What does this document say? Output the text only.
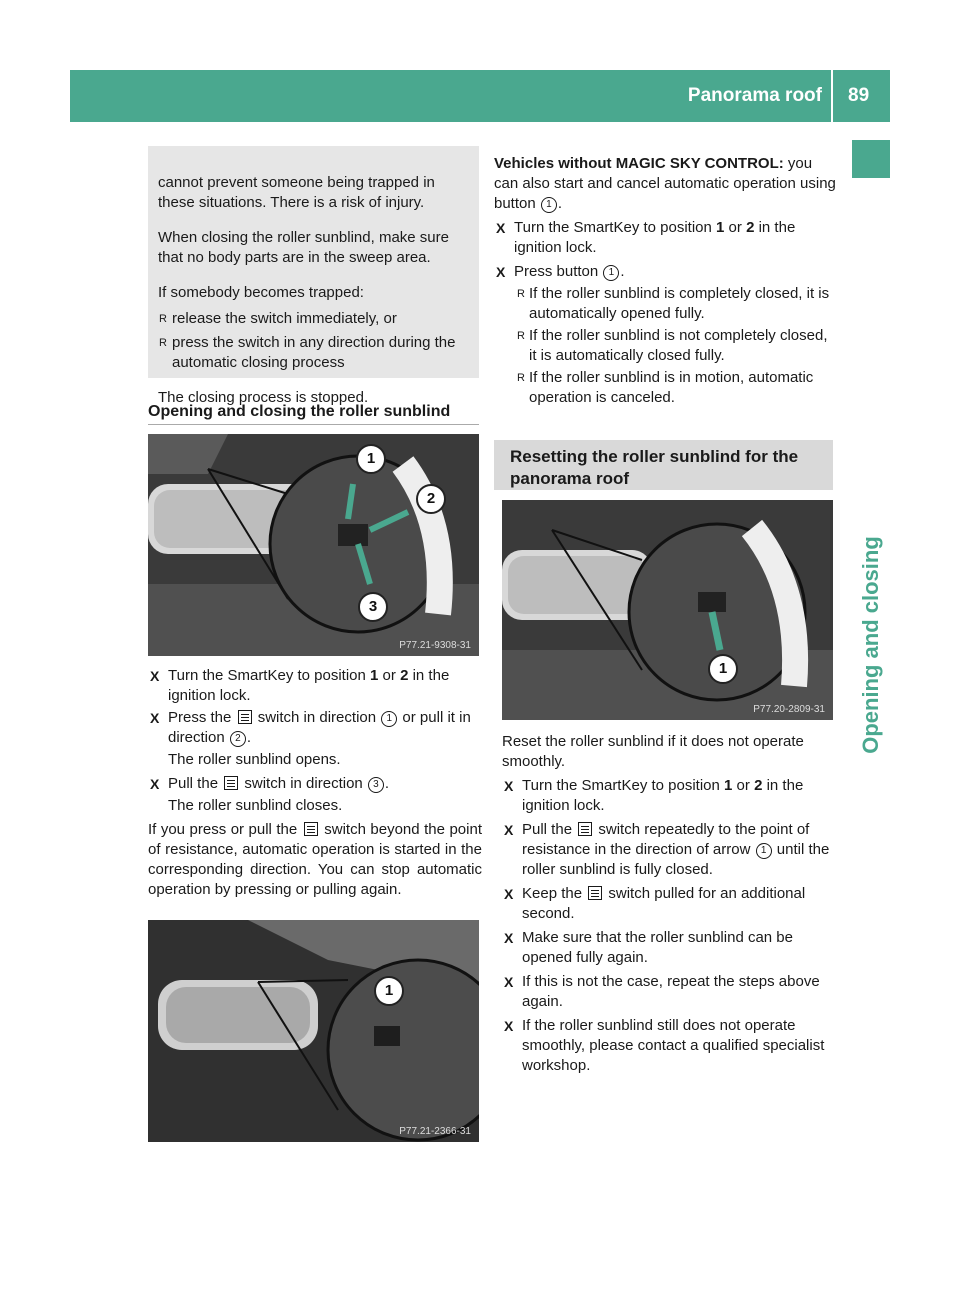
Panorama roof 89
Opening and closing

cannot prevent someone being trapped in these situations. There is a risk of injury.

When closing the roller sunblind, make sure that no body parts are in the sweep area.

If somebody becomes trapped:

R release the switch immediately, or
R press the switch in any direction during the automatic closing process

The closing process is stopped.

Opening and closing the roller sunblind
1
2
3
P77.21-9308-31
X Turn the SmartKey to position 1 or 2 in the ignition lock.
X Press the  switch in direction 1 or pull it in direction 2 .
The roller sunblind opens.
X Pull the  switch in direction 3 .
The roller sunblind closes.

If you press or pull the  switch beyond the point of resistance, automatic operation is started in the corresponding direction. You can stop automatic operation by pressing or pulling again.

1
P77.21-2366-31

Vehicles without MAGIC SKY CONTROL: you can also start and cancel automatic operation using button 1 .

X Turn the SmartKey to position 1 or 2 in the ignition lock.
X Press button 1 .
R If the roller sunblind is completely closed, it is automatically opened fully.
R If the roller sunblind is not completely closed, it is automatically closed fully.
R If the roller sunblind is in motion, automatic operation is canceled.
Resetting the roller sunblind for the panorama roof
1
P77.20-2809-31

Reset the roller sunblind if it does not operate smoothly.

X Turn the SmartKey to position 1 or 2 in the ignition lock.
X Pull the  switch repeatedly to the point of resistance in the direction of arrow 1 until the roller sunblind is fully closed.
X Keep the  switch pulled for an additional second.
X Make sure that the roller sunblind can be opened fully again.
X If this is not the case, repeat the steps above again.
X If the roller sunblind still does not operate smoothly, please contact a qualified specialist workshop.
